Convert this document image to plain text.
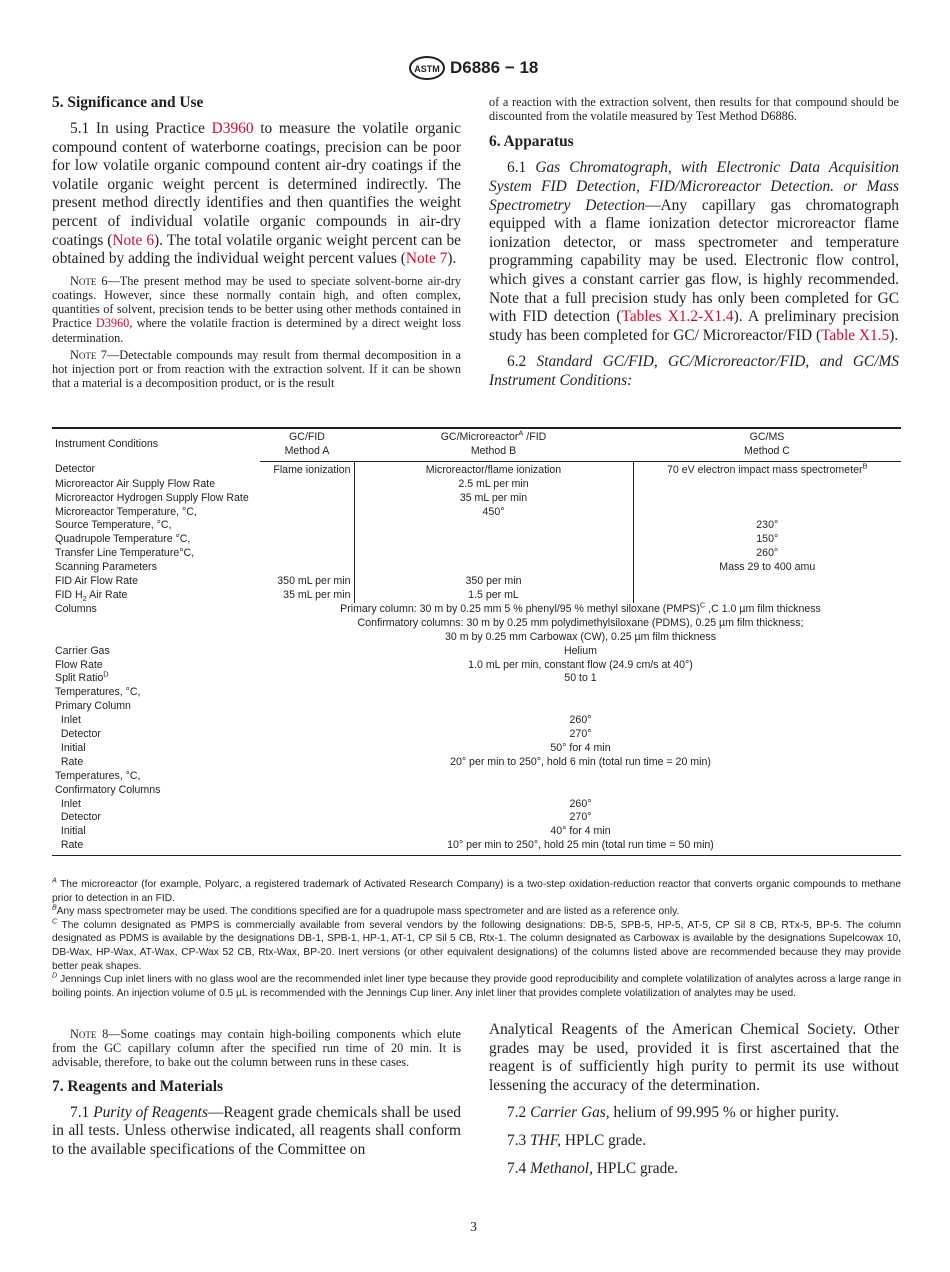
ASTM D6886 − 18
5. Significance and Use

5.1 In using Practice D3960 to measure the volatile organic compound content of waterborne coatings, precision can be poor for low volatile organic compound content air-dry coatings if the volatile organic weight percent is determined indirectly. The present method directly identifies and then quantifies the weight percent of individual volatile organic compounds in air-dry coatings (Note 6). The total volatile organic weight percent can be obtained by adding the individual weight percent values (Note 7).

Note 6—The present method may be used to speciate solvent-borne air-dry coatings. However, since these normally contain high, and often complex, quantities of solvent, precision tends to be better using other methods contained in Practice D3960, where the volatile fraction is determined by a direct weight loss determination.

Note 7—Detectable compounds may result from thermal decomposition in a hot injection port or from reaction with the extraction solvent. If it can be shown that a material is a decomposition product, or is the result

of a reaction with the extraction solvent, then results for that compound should be discounted from the volatile measured by Test Method D6886.

6. Apparatus

6.1 Gas Chromatograph, with Electronic Data Acquisition System FID Detection, FID/Microreactor Detection. or Mass Spectrometry Detection—Any capillary gas chromatograph equipped with a flame ionization detector microreactor flame ionization detector, or mass spectrometer and temperature programming capability may be used. Electronic flow control, which gives a constant carrier gas flow, is highly recommended. Note that a full precision study has only been completed for GC with FID detection (Tables X1.2-X1.4). A preliminary precision study has been completed for GC/ Microreactor/FID (Table X1.5).

6.2 Standard GC/FID, GC/Microreactor/FID, and GC/MS Instrument Conditions:

Instrument Conditions	GC/FID	GC/Microreactor$^A$ /FID	GC/MS
	Method A	Method B	Method C
Detector	Flame ionization	Microreactor/flame ionization	70 eV electron impact mass spectrometer$^B$
Microreactor Air Supply Flow Rate		2.5 mL per min	
Microreactor Hydrogen Supply Flow Rate		35 mL per min	
Microreactor Temperature, °C,		450°	
Source Temperature, °C,			230°
Quadrupole Temperature °C,			150°
Transfer Line Temperature°C,			260°
Scanning Parameters			Mass 29 to 400 amu
FID Air Flow Rate	350 mL per min	350 per min	
FID $H_2$ Air Rate	35 mL per min	1.5 per mL	
Columns	Primary column: 30 m by 0.25 mm 5 % phenyl/95 % methyl siloxane (PMPS)$^C$ ,C 1.0 µm film thickness		
	Confirmatory columns: 30 m by 0.25 mm polydimethylsiloxane (PDMS), 0.25 µm film thickness;		
	30 m by 0.25 mm Carbowax (CW), 0.25 µm film thickness		
Carrier Gas	Helium		
Flow Rate	1.0 mL per min, constant flow (24.9 cm/s at 40°)		
Split Ratio$^D$	50 to 1		
Temperatures, °C,			
Primary Column			
Inlet	260°		
Detector	270°		
Initial	50° for 4 min		
Rate	20° per min to 250°, hold 6 min (total run time = 20 min)		
Temperatures, °C,			
Confirmatory Columns			
Inlet	260°		
Detector	270°		
Initial	40° for 4 min		
Rate	10° per min to 250°, hold 25 min (total run time = 50 min)		

$^A$ The microreactor (for example, Polyarc, a registered trademark of Activated Research Company) is a two-step oxidation-reduction reactor that converts organic compounds to methane prior to detection in an FID.

$^B$Any mass spectrometer may be used. The conditions specified are for a quadrupole mass spectrometer and are listed as a reference only.

$^C$ The column designated as PMPS is commercially available from several vendors by the following designations: DB-5, SPB-5, HP-5, AT-5, CP Sil 8 CB, RTx-5, BP-5. The column designated as PDMS is available by the designations DB-1, SPB-1, HP-1, AT-1, CP Sil 5 CB, Rtx-1. The column designated as Carbowax is available by the designations Supelcowax 10, DB-Wax, HP-Wax, AT-Wax, CP-Wax 52 CB, Rtx-Wax, BP-20. Inert versions (or other equivalent designations) of the columns listed above are recommended because they may provide better peak shapes.

$^D$ Jennings Cup inlet liners with no glass wool are the recommended inlet liner type because they provide good reproducibility and complete volatilization of analytes across a large range in boiling points. An injection volume of 0.5 µL is recommended with the Jennings Cup liner. Any inlet liner that provides complete volatilization of analytes may be used.

Note 8—Some coatings may contain high-boiling components which elute from the GC capillary column after the specified run time of 20 min. It is advisable, therefore, to bake out the column between runs in these cases.

7. Reagents and Materials

7.1 Purity of Reagents—Reagent grade chemicals shall be used in all tests. Unless otherwise indicated, all reagents shall conform to the available specifications of the Committee on

Analytical Reagents of the American Chemical Society. Other grades may be used, provided it is first ascertained that the reagent is of sufficiently high purity to permit its use without lessening the accuracy of the determination.

7.2 Carrier Gas, helium of 99.995 % or higher purity.

7.3 THF, HPLC grade.

7.4 Methanol, HPLC grade.

3
